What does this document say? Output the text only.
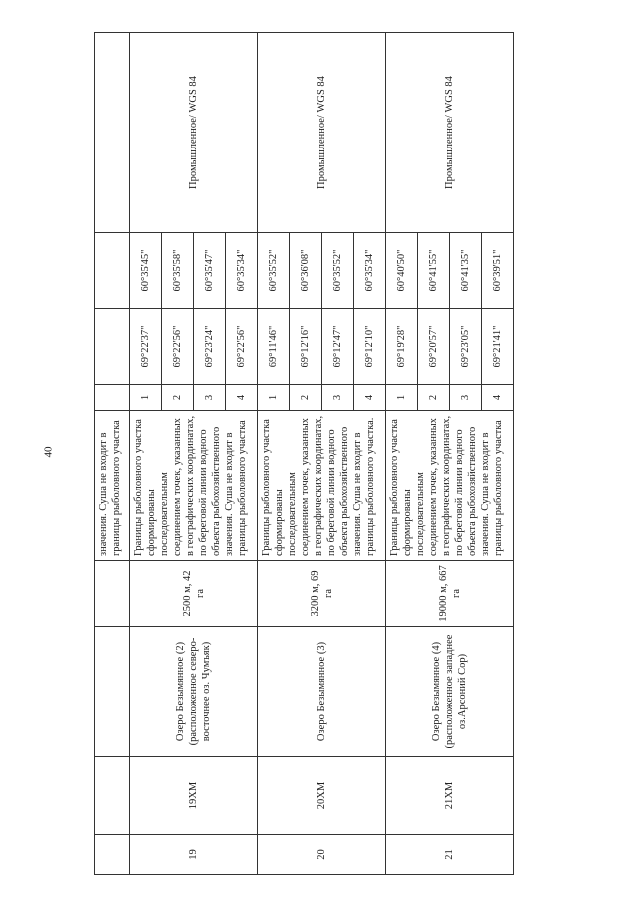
40
					значения. Суша не входит в границы рыболовного участка				
19	19ХМ	Озеро Безымянное (2) (расположенное северо-восточнее оз. Чумъяк)	2500 м, 42 га	Границы рыболовного участка сформированы последовательным соединением точек, указанных в географических координатах, по береговой линии водного объекта рыбохозяйственного значения. Суша не входит в границы рыболовного участка	1	69°22'37"	60°35'45"	Промышленное/ WGS 84
					2	69°22'56"	60°35'58"	
					3	69°23'24"	60°35'47"	
					4	69°22'56"	60°35'34"	
20	20ХМ	Озеро Безымянное (3)	3200 м, 69 га	Границы рыболовного участка сформированы последовательным соединением точек, указанных в географических координатах, по береговой линии водного объекта рыбохозяйственного значения. Суша не входит в границы рыболовного участка.	1	69°11'46"	60°35'52"	Промышленное/ WGS 84
					2	69°12'16"	60°36'08"	
					3	69°12'47"	60°35'52"	
					4	69°12'10"	60°35'34"	
21	21ХМ	Озеро Безымянное (4) (расположенное западнее оз.Арсоний Сор)	19000 м, 667 га	Границы рыболовного участка сформированы последовательным соединением точек, указанных в географических координатах, по береговой линии водного объекта рыбохозяйственного значения. Суша не входит в границы рыболовного участка	1	69°19'28"	60°40'50"	Промышленное/ WGS 84
					2	69°20'57"	60°41'55"	
					3	69°23'05"	60°41'35"	
					4	69°21'41"	60°39'51"	
